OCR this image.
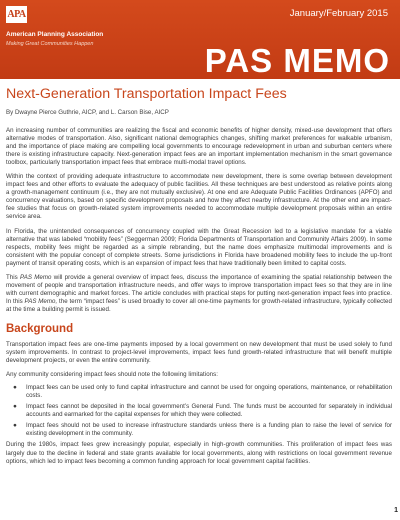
APA
American Planning Association
Making Great Communities Happen
January/February 2015
PAS MEMO
Next-Generation Transportation Impact Fees
By Dwayne Pierce Guthrie, AICP, and L. Carson Bise, AICP

An increasing number of communities are realizing the fiscal and economic benefits of higher density, mixed-use development that offers alternative modes of transportation. Also, significant national demographics changes, shifting market preferences for walkable urbanism, and the importance of place making are compelling local governments to encourage redevelopment in urban and suburban centers where there is existing infrastructure capacity. Next-generation impact fees are an important implementation mechanism in the smart governance toolbox, particularly transportation impact fees that embrace multi-modal travel options.

Within the context of providing adequate infrastructure to accommodate new development, there is some overlap between development impact fees and other efforts to evaluate the adequacy of public facilities. All these techniques are best understood as relative points along a growth-management continuum (i.e., they are not mutually exclusive). At one end are Adequate Public Facilities Ordinances (APFO) and concurrency evaluations, based on specific development proposals and how they affect nearby infrastructure. At the other end are impact-fee studies that focus on growth-related system improvements needed to accommodate multiple development proposals within an entire service area.

In Florida, the unintended consequences of concurrency coupled with the Great Recession led to a legislative mandate for a viable alternative that was labeled “mobility fees” (Seggerman 2009; Florida Departments of Transportation and Community Affairs 2009). In some respects, mobility fees might be regarded as a simple rebranding, but the name does emphasize multimodal improvements and is consistent with the popular concept of complete streets. Some jurisdictions in Florida have broadened mobility fees to include the up-front payment of transit operating costs, which is an expansion of impact fees that have traditionally been limited to capital costs.

This PAS Memo will provide a general overview of impact fees, discuss the importance of examining the spatial relationship between the movement of people and transportation infrastructure needs, and offer ways to improve transportation impact fees so that they are in line with current demographic and market forces. The article concludes with practical steps for putting next-generation impact fees into practice. In this PAS Memo, the term “impact fees” is used broadly to cover all one-time payments for growth-related infrastructure, typically collected at the time a building permit is issued.

Background

Transportation impact fees are one-time payments imposed by a local government on new development that must be used solely to fund system improvements. In contrast to project-level improvements, impact fees fund growth-related infrastructure that will benefit multiple development projects, or even the entire community.

Any community considering impact fees should note the following limitations:

● Impact fees can be used only to fund capital infrastructure and cannot be used for ongoing operations, maintenance, or rehabilitation costs.
● Impact fees cannot be deposited in the local government’s General Fund. The funds must be accounted for separately in individual accounts and earmarked for the capital expenses for which they were collected.
● Impact fees should not be used to increase infrastructure standards unless there is a funding plan to raise the level of service for existing development in the community.

During the 1980s, impact fees grew increasingly popular, especially in high-growth communities. This proliferation of impact fees was largely due to the decline in federal and state grants available for local governments, along with restrictions on local government revenue options, which led to impact fees becoming a common funding approach for local government capital facilities.

1
